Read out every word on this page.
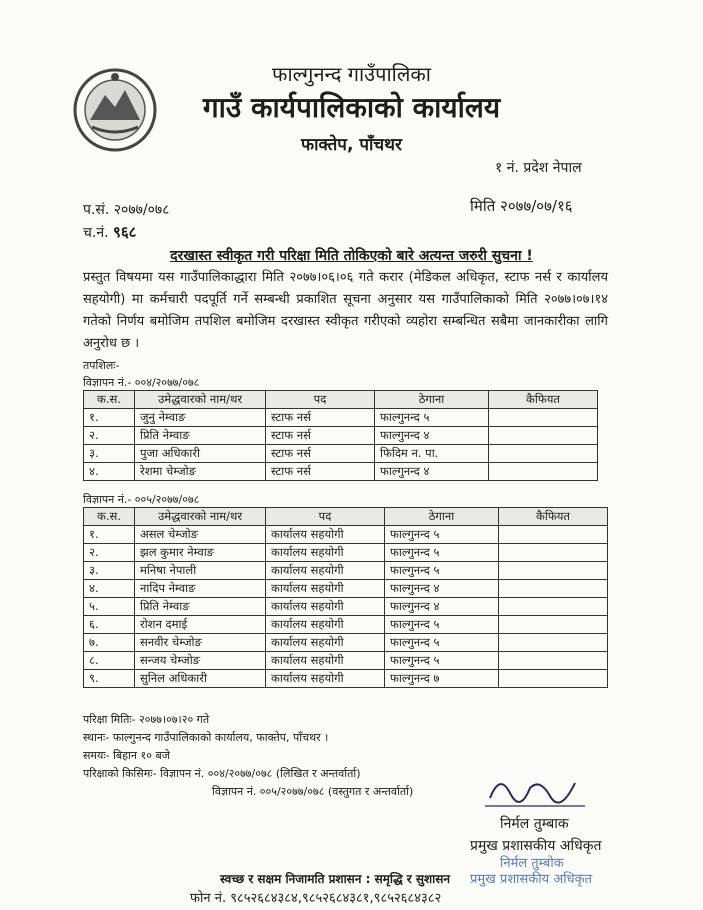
फाल्गुनन्द गाउँपालिका
गाउँ कार्यपालिकाको कार्यालय
फाक्तेप, पाँचथर
१ नं. प्रदेश नेपाल
प.सं. २०७७/०७८
च.नं. ९६८
मिति २०७७/०७/१६
दरखास्त स्वीकृत गरी परिक्षा मिति तोकिएको बारे अत्यन्त जरुरी सुचना !
प्रस्तुत विषयमा यस गाउँपालिकाद्धारा मिति २०७७।०६।०६ गते करार (मेडिकल अधिकृत, स्टाफ नर्स र कार्यालय सहयोगी) मा कर्मचारी पदपूर्ति गर्ने सम्बन्धी प्रकाशित सूचना अनुसार यस गाउँपालिकाको मिति २०७७।०७।१४ गतेको निर्णय बमोजिम तपशिल बमोजिम दरखास्त स्वीकृत गरीएको व्यहोरा सम्बन्धित सबैमा जानकारीका लागि अनुरोध छ ।
तपशिलः-
विज्ञापन नं.- ००४/२०७७/०७८
क.स.	उमेद्धवारको नाम/थर	पद	ठेगाना	कैफियत
१.	जुनु नेम्वाङ	स्टाफ नर्स	फाल्गुनन्द ५	
२.	प्रिति नेम्वाङ	स्टाफ नर्स	फाल्गुनन्द ४	
३.	पुजा अधिकारी	स्टाफ नर्स	फिदिम न. पा.	
४.	रेशमा चेम्जोङ	स्टाफ नर्स	फाल्गुनन्द ४	
विज्ञापन नं.- ००५/२०७७/०७८
क.स.	उमेद्धवारको नाम/थर	पद	ठेगाना	कैफियत
१.	असल चेम्जोङ	कार्यालय सहयोगी	फाल्गुनन्द ५	
२.	झल कुमार नेम्वाङ	कार्यालय सहयोगी	फाल्गुनन्द ५	
३.	मनिषा नेपाली	कार्यालय सहयोगी	फाल्गुनन्द ५	
४.	नादिप नेम्वाङ	कार्यालय सहयोगी	फाल्गुनन्द ४	
५.	प्रिति नेम्वाङ	कार्यालय सहयोगी	फाल्गुनन्द ४	
६.	रोशन दमाई	कार्यालय सहयोगी	फाल्गुनन्द ५	
७.	सनवीर चेम्जोङ	कार्यालय सहयोगी	फाल्गुनन्द ५	
८.	सन्जय चेम्जोङ	कार्यालय सहयोगी	फाल्गुनन्द ५	
९.	सुनिल अधिकारी	कार्यालय सहयोगी	फाल्गुनन्द ७	
परिक्षा मितिः- २०७७।०७।२० गते
स्थानः- फाल्गुनन्द गाउँपालिकाको कार्यालय, फाक्तेप, पाँचथर ।
समयः- बिहान १० बजे
परिक्षाको किसिमः- विज्ञापन नं. ००४/२०७७/०७८ (लिखित र अन्तर्वार्ता)
विज्ञापन नं. ००५/२०७७/०७८ (वस्तुगत र अन्तर्वार्ता)
निर्मल तुम्बाक
प्रमुख प्रशासकीय अधिकृत
निर्मल तुम्बोक
प्रमुख प्रशासकीय अधिकृत
स्वच्छ र सक्षम निजामति प्रशासन : समृद्धि र सुशासन
फोन नं. ९८५२६८४३८४,९८५२६८४३८१,९८५२६८४३८२
